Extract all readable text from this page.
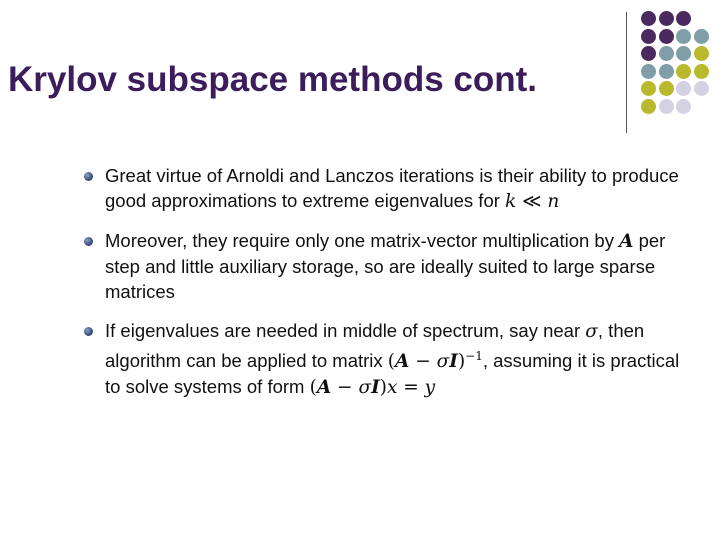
Krylov subspace methods cont.
Great virtue of Arnoldi and Lanczos iterations is their ability to produce good approximations to extreme eigenvalues for k ≪ n
Moreover, they require only one matrix-vector multiplication by A per step and little auxiliary storage, so are ideally suited to large sparse matrices
If eigenvalues are needed in middle of spectrum, say near σ, then algorithm can be applied to matrix $(A - \sigma I)^{-1}$, assuming it is practical to solve systems of form (A − σI)x = y
